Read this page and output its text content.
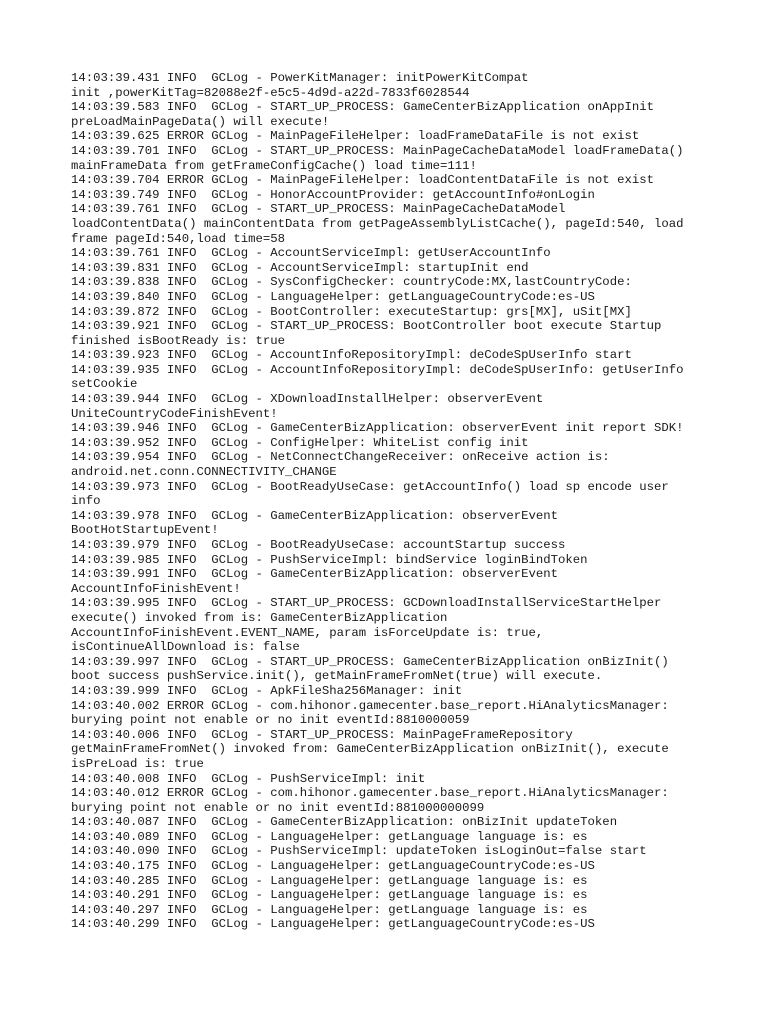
14:03:39.431 INFO  GCLog - PowerKitManager: initPowerKitCompat
init ,powerKitTag=82088e2f-e5c5-4d9d-a22d-7833f6028544

14:03:39.583 INFO  GCLog - START_UP_PROCESS: GameCenterBizApplication onAppInit
preLoadMainPageData() will execute!

14:03:39.625 ERROR GCLog - MainPageFileHelper: loadFrameDataFile is not exist

14:03:39.701 INFO  GCLog - START_UP_PROCESS: MainPageCacheDataModel loadFrameData()
mainFrameData from getFrameConfigCache() load time=111!

14:03:39.704 ERROR GCLog - MainPageFileHelper: loadContentDataFile is not exist

14:03:39.749 INFO  GCLog - HonorAccountProvider: getAccountInfo#onLogin

14:03:39.761 INFO  GCLog - START_UP_PROCESS: MainPageCacheDataModel
loadContentData() mainContentData from getPageAssemblyListCache(), pageId:540, load
frame pageId:540,load time=58

14:03:39.761 INFO  GCLog - AccountServiceImpl: getUserAccountInfo

14:03:39.831 INFO  GCLog - AccountServiceImpl: startupInit end

14:03:39.838 INFO  GCLog - SysConfigChecker: countryCode:MX,lastCountryCode:

14:03:39.840 INFO  GCLog - LanguageHelper: getLanguageCountryCode:es-US

14:03:39.872 INFO  GCLog - BootController: executeStartup: grs[MX], uSit[MX]

14:03:39.921 INFO  GCLog - START_UP_PROCESS: BootController boot execute Startup
finished isBootReady is: true

14:03:39.923 INFO  GCLog - AccountInfoRepositoryImpl: deCodeSpUserInfo start

14:03:39.935 INFO  GCLog - AccountInfoRepositoryImpl: deCodeSpUserInfo: getUserInfo
setCookie

14:03:39.944 INFO  GCLog - XDownloadInstallHelper: observerEvent
UniteCountryCodeFinishEvent!

14:03:39.946 INFO  GCLog - GameCenterBizApplication: observerEvent init report SDK!

14:03:39.952 INFO  GCLog - ConfigHelper: WhiteList config init

14:03:39.954 INFO  GCLog - NetConnectChangeReceiver: onReceive action is:
android.net.conn.CONNECTIVITY_CHANGE

14:03:39.973 INFO  GCLog - BootReadyUseCase: getAccountInfo() load sp encode user
info

14:03:39.978 INFO  GCLog - GameCenterBizApplication: observerEvent
BootHotStartupEvent!

14:03:39.979 INFO  GCLog - BootReadyUseCase: accountStartup success

14:03:39.985 INFO  GCLog - PushServiceImpl: bindService loginBindToken

14:03:39.991 INFO  GCLog - GameCenterBizApplication: observerEvent
AccountInfoFinishEvent!

14:03:39.995 INFO  GCLog - START_UP_PROCESS: GCDownloadInstallServiceStartHelper
execute() invoked from is: GameCenterBizApplication
AccountInfoFinishEvent.EVENT_NAME, param isForceUpdate is: true,
isContinueAllDownload is: false

14:03:39.997 INFO  GCLog - START_UP_PROCESS: GameCenterBizApplication onBizInit()
boot success pushService.init(), getMainFrameFromNet(true) will execute.

14:03:39.999 INFO  GCLog - ApkFileSha256Manager: init

14:03:40.002 ERROR GCLog - com.hihonor.gamecenter.base_report.HiAnalyticsManager:
burying point not enable or no init eventId:8810000059

14:03:40.006 INFO  GCLog - START_UP_PROCESS: MainPageFrameRepository
getMainFrameFromNet() invoked from: GameCenterBizApplication onBizInit(), execute
isPreLoad is: true

14:03:40.008 INFO  GCLog - PushServiceImpl: init

14:03:40.012 ERROR GCLog - com.hihonor.gamecenter.base_report.HiAnalyticsManager:
burying point not enable or no init eventId:881000000099

14:03:40.087 INFO  GCLog - GameCenterBizApplication: onBizInit updateToken

14:03:40.089 INFO  GCLog - LanguageHelper: getLanguage language is: es

14:03:40.090 INFO  GCLog - PushServiceImpl: updateToken isLoginOut=false start

14:03:40.175 INFO  GCLog - LanguageHelper: getLanguageCountryCode:es-US

14:03:40.285 INFO  GCLog - LanguageHelper: getLanguage language is: es

14:03:40.291 INFO  GCLog - LanguageHelper: getLanguage language is: es

14:03:40.297 INFO  GCLog - LanguageHelper: getLanguage language is: es

14:03:40.299 INFO  GCLog - LanguageHelper: getLanguageCountryCode:es-US
